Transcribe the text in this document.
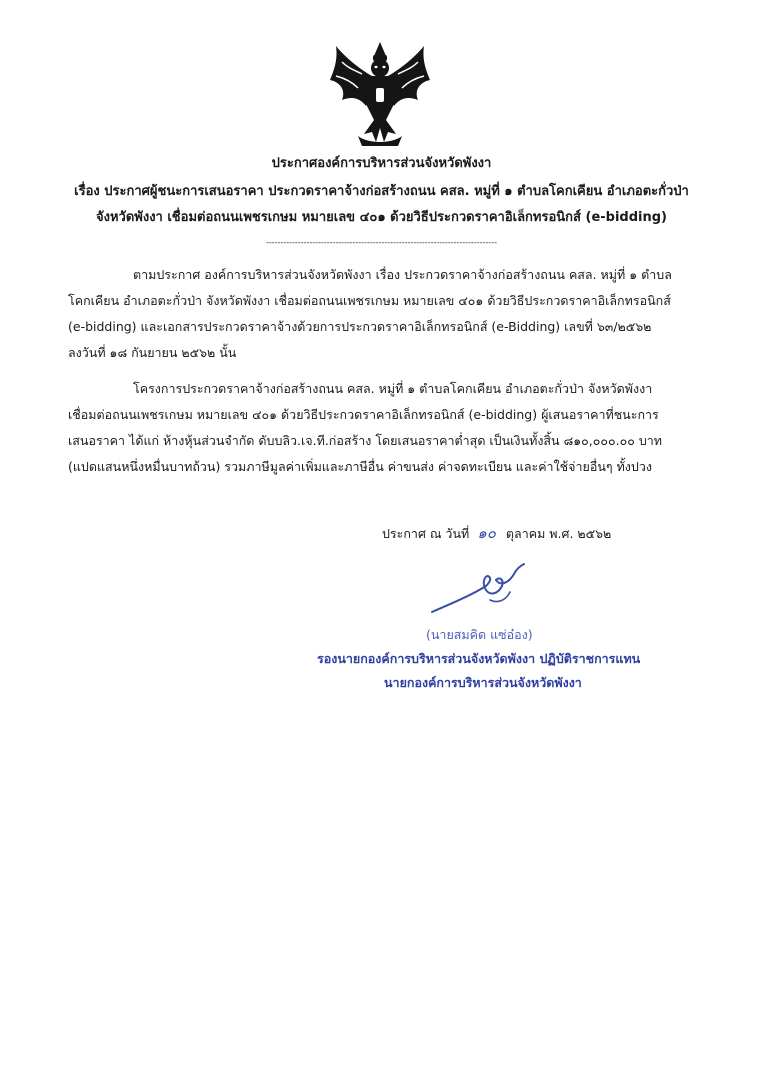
ประกาศองค์การบริหารส่วนจังหวัดพังงา
เรื่อง ประกาศผู้ชนะการเสนอราคา ประกวดราคาจ้างก่อสร้างถนน คสล. หมู่ที่ ๑ ตำบลโคกเคียน อำเภอตะกั่วป่า
จังหวัดพังงา เชื่อมต่อถนนเพชรเกษม หมายเลข ๔๐๑ ด้วยวิธีประกวดราคาอิเล็กทรอนิกส์ (e-bidding)
--------------------------------------------------------------------------------
ตามประกาศ องค์การบริหารส่วนจังหวัดพังงา เรื่อง ประกวดราคาจ้างก่อสร้างถนน คสล. หมู่ที่ ๑ ตำบล
โคกเคียน อำเภอตะกั่วป่า จังหวัดพังงา เชื่อมต่อถนนเพชรเกษม หมายเลข ๔๐๑ ด้วยวิธีประกวดราคาอิเล็กทรอนิกส์
(e-bidding) และเอกสารประกวดราคาจ้างด้วยการประกวดราคาอิเล็กทรอนิกส์ (e-Bidding) เลขที่ ๖๓/๒๕๖๒
ลงวันที่ ๑๘ กันยายน ๒๕๖๒ นั้น
โครงการประกวดราคาจ้างก่อสร้างถนน คสล. หมู่ที่ ๑ ตำบลโคกเคียน อำเภอตะกั่วป่า จังหวัดพังงา
เชื่อมต่อถนนเพชรเกษม หมายเลข ๔๐๑ ด้วยวิธีประกวดราคาอิเล็กทรอนิกส์ (e-bidding) ผู้เสนอราคาที่ชนะการ
เสนอราคา ได้แก่ ห้างหุ้นส่วนจำกัด ดับบลิว.เจ.ที.ก่อสร้าง โดยเสนอราคาต่ำสุด เป็นเงินทั้งสิ้น ๘๑๐,๐๐๐.๐๐ บาท
(แปดแสนหนึ่งหมื่นบาทถ้วน) รวมภาษีมูลค่าเพิ่มและภาษีอื่น ค่าขนส่ง ค่าจดทะเบียน และค่าใช้จ่ายอื่นๆ ทั้งปวง
ประกาศ ณ วันที่ ๑๐ ตุลาคม พ.ศ. ๒๕๖๒
(นายสมคิด แซ่อ๋อง)
รองนายกองค์การบริหารส่วนจังหวัดพังงา ปฏิบัติราชการแทน
นายกองค์การบริหารส่วนจังหวัดพังงา
